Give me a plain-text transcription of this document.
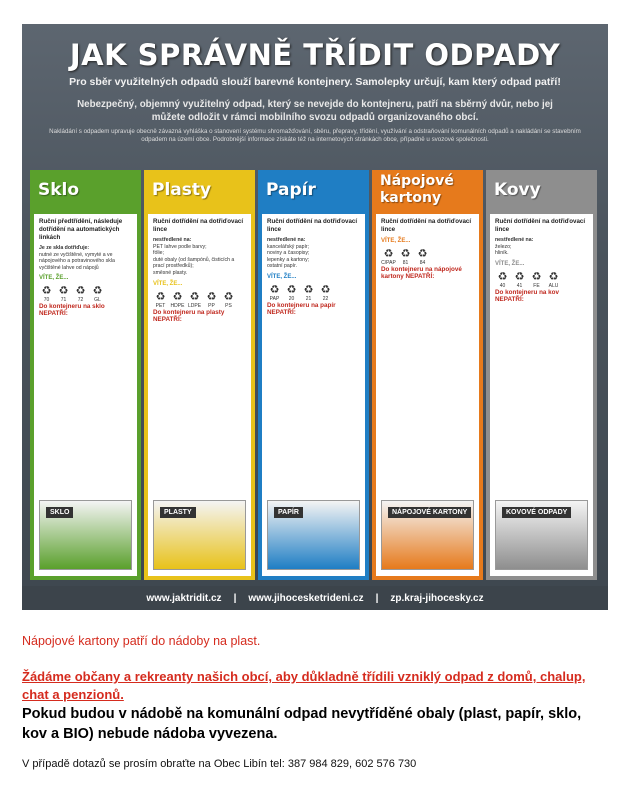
JAK SPRÁVNĚ TŘÍDIT ODPADY
Pro sběr využitelných odpadů slouží barevné kontejnery. Samolepky určují, kam který odpad patří!
Nebezpečný, objemný využitelný odpad, který se nevejde do kontejneru, patří na sběrný dvůr, nebo jej můžete odložit v rámci mobilního svozu odpadů organizovaného obcí.
Nakládání s odpadem upravuje obecně závazná vyhláška o stanovení systému shromažďování, sběru, přepravy, třídění, využívání a odstraňování komunálních odpadů a nakládání se stavebním odpadem na území obce. Podrobnější informace získáte též na internetových stránkách obce, případně u svozové společnosti.
Sklo
Ruční předtřídění, následuje dotřídění na automatických linkách
Je ze skla dotřiďuje:
nutné ze vyčištěné, vymyté a ve
nápojového a potravinového skla
vyčištěné lahve od nápojů
VÍTE, ŽE...
♻
70
♻
71
♻
72
♻
GL
Do kontejneru na sklo NEPATŘÍ:
SKLO
Plasty
Ruční dotřídění na dotřiďovací lince
nestředlené na:
PET lahve podle barvy;
fólie;
duté obaly (od šampónů, čisticích a prací prostředků);
směsné plasty.
VÍTE, ŽE...
♻
PET
♻
HDPE
♻
LDPE
♻
PP
♻
PS
Do kontejneru na plasty NEPATŘÍ:
PLASTY
Papír
Ruční dotřídění na dotřiďovací lince
nestředlené na:
kancelářský papír;
noviny a časopisy;
lepenky a kartony;
ostatní papír.
VÍTE, ŽE...
♻
PAP
♻
20
♻
21
♻
22
Do kontejneru na papír NEPATŘÍ:
PAPÍR
Nápojové kartony
Ruční dotřídění na dotřiďovací lince
VÍTE, ŽE...
♻
C/PAP
♻
81
♻
84
Do kontejneru na nápojové kartony NEPATŘÍ:
NÁPOJOVÉ KARTONY
Kovy
Ruční dotřídění na dotřiďovací lince
nestředlené na:
železo;
hliník.
VÍTE, ŽE...
♻
40
♻
41
♻
FE
♻
ALU
Do kontejneru na kov NEPATŘÍ:
KOVOVÉ ODPADY
www.jaktridit.cz | www.jihocesketrideni.cz | zp.kraj-jihocesky.cz
Nápojové kartony patří do nádoby na plast.
Žádáme občany a rekreanty našich obcí, aby důkladně třídili vzniklý odpad z domů, chalup, chat a penzionů.
Pokud budou v nádobě na komunální odpad nevytříděné obaly (plast, papír, sklo, kov a BIO) nebude nádoba vyvezena.
V případě dotazů se prosím obraťte na Obec Libín tel: 387 984 829, 602 576 730
